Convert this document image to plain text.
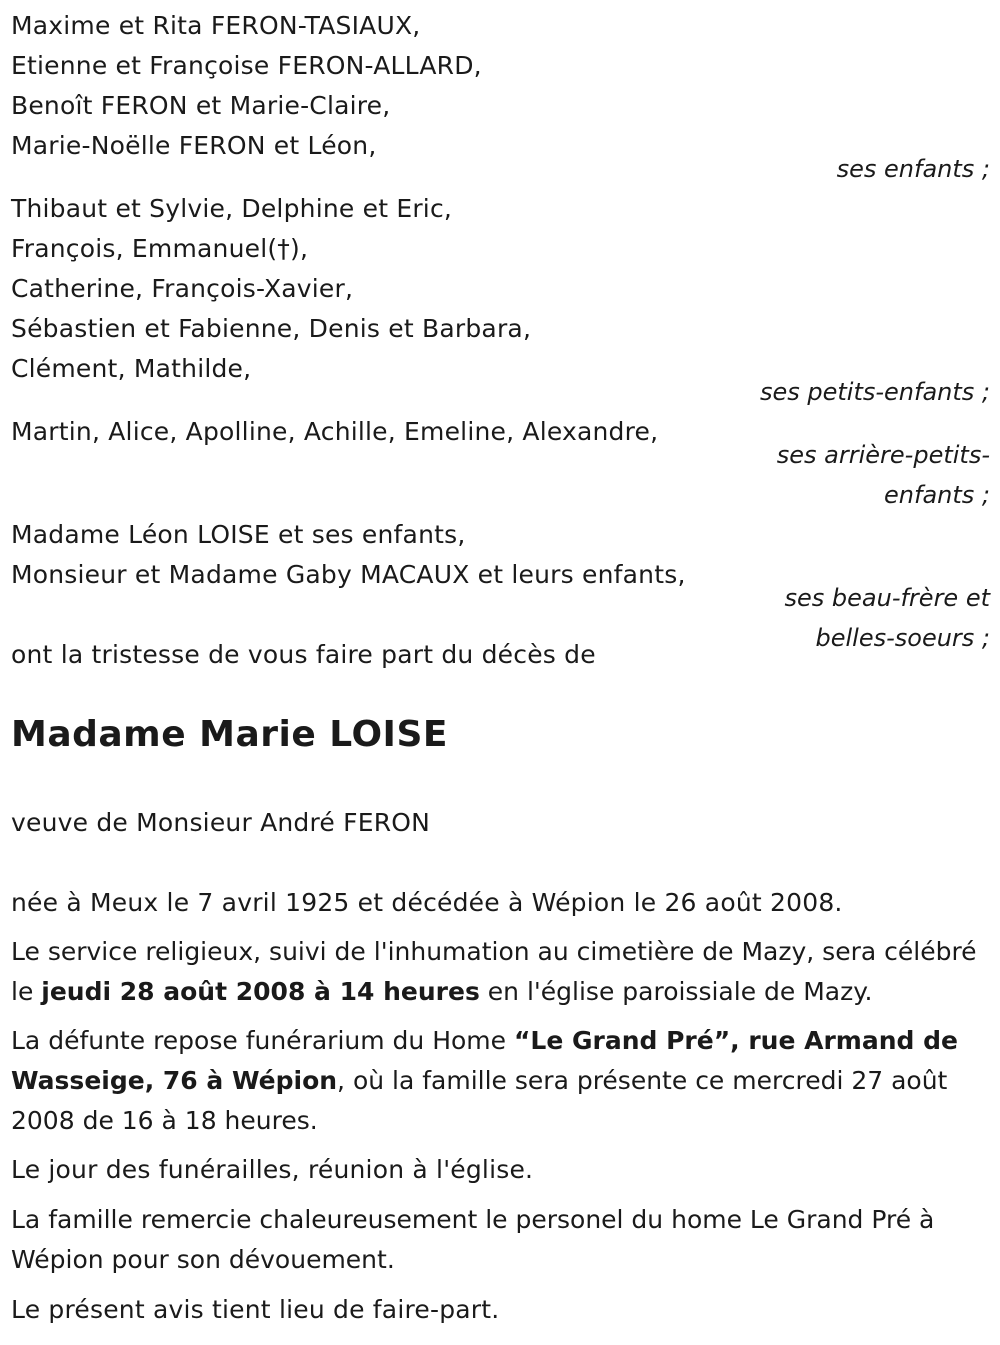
Maxime et Rita FERON-TASIAUX,

Etienne et Françoise FERON-ALLARD,

Benoît FERON et Marie-Claire,

Marie-Noëlle FERON et Léon,

ses enfants ;

Thibaut et Sylvie, Delphine et Eric,

François, Emmanuel(†),

Catherine, François-Xavier,

Sébastien et Fabienne, Denis et Barbara,

Clément, Mathilde,

ses petits-enfants ;

Martin, Alice, Apolline, Achille, Emeline, Alexandre,

ses arrière-petits-

enfants ;

Madame Léon LOISE et ses enfants,

Monsieur et Madame Gaby MACAUX et leurs enfants,

ses beau-frère et

belles-soeurs ;

ont la tristesse de vous faire part du décès de

Madame Marie LOISE

veuve de Monsieur André FERON

née à Meux le 7 avril 1925 et décédée à Wépion le 26 août 2008.

Le service religieux, suivi de l'inhumation au cimetière de Mazy, sera célébré le jeudi 28 août 2008 à 14 heures en l'église paroissiale de Mazy.

La défunte repose funérarium du Home “Le Grand Pré”, rue Armand de Wasseige, 76 à Wépion, où la famille sera présente ce mercredi 27 août 2008 de 16 à 18 heures.

Le jour des funérailles, réunion à l'église.

La famille remercie chaleureusement le personel du home Le Grand Pré à Wépion pour son dévouement.

Le présent avis tient lieu de faire-part.
